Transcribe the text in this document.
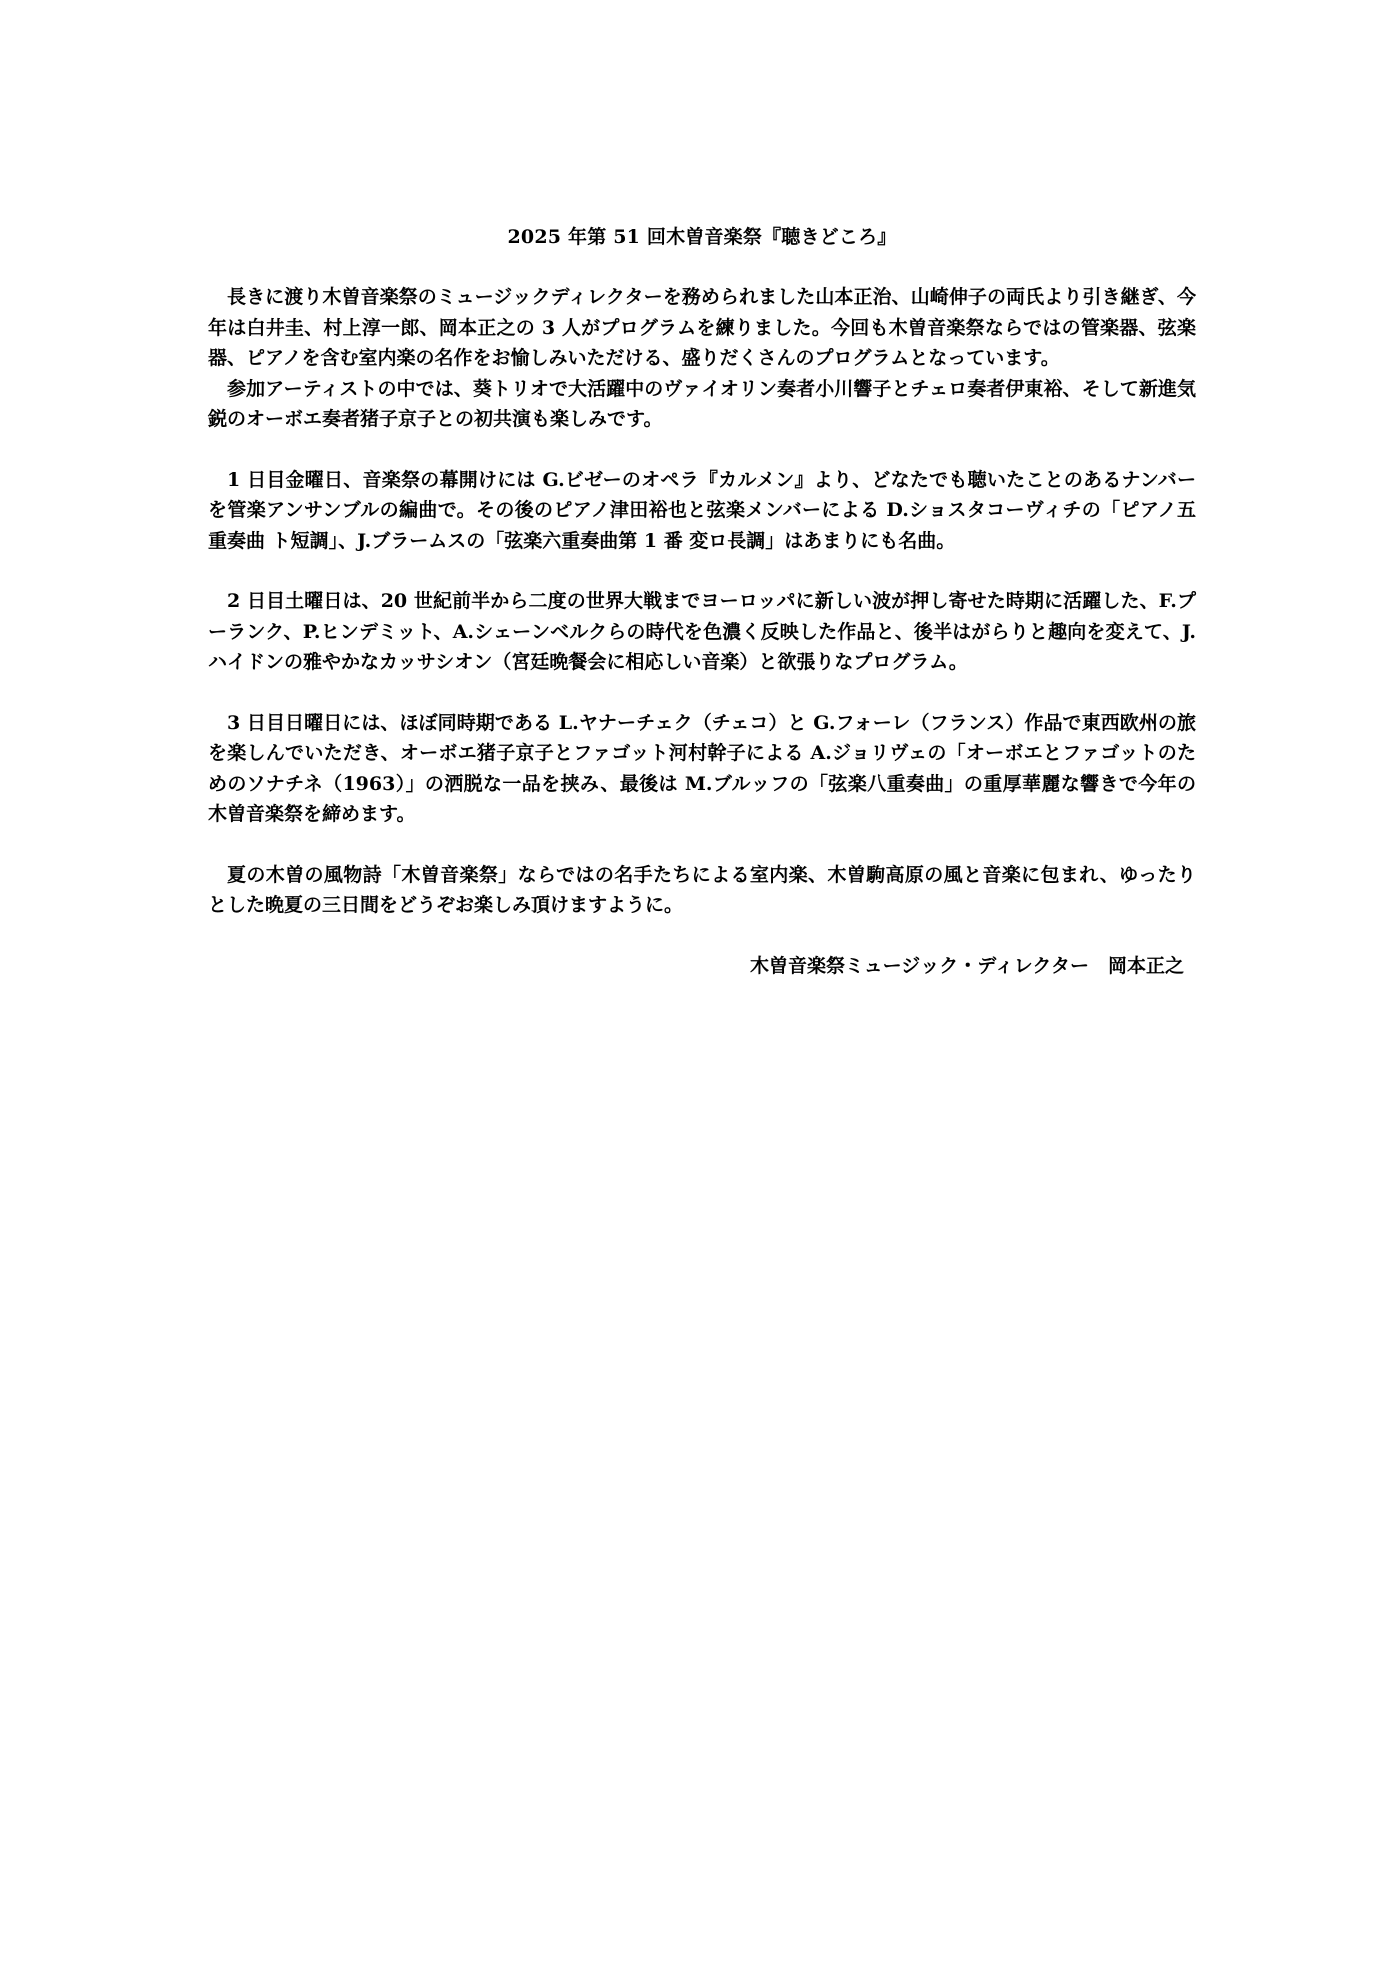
2025 年第 51 回木曽音楽祭『聴きどころ』

長きに渡り木曽音楽祭のミュージックディレクターを務められました山本正治、山崎伸子の両氏より引き継ぎ、今年は白井圭、村上淳一郎、岡本正之の 3 人がプログラムを練りました。今回も木曽音楽祭ならではの管楽器、弦楽器、ピアノを含む室内楽の名作をお愉しみいただける、盛りだくさんのプログラムとなっています。

参加アーティストの中では、葵トリオで大活躍中のヴァイオリン奏者小川響子とチェロ奏者伊東裕、そして新進気鋭のオーボエ奏者猪子京子との初共演も楽しみです。

1 日目金曜日、音楽祭の幕開けには G.ビゼーのオペラ『カルメン』より、どなたでも聴いたことのあるナンバーを管楽アンサンブルの編曲で。その後のピアノ津田裕也と弦楽メンバーによる D.ショスタコーヴィチの「ピアノ五重奏曲 ト短調」、J.ブラームスの「弦楽六重奏曲第 1 番 変ロ長調」はあまりにも名曲。

2 日目土曜日は、20 世紀前半から二度の世界大戦までヨーロッパに新しい波が押し寄せた時期に活躍した、F.プーランク、P.ヒンデミット、A.シェーンベルクらの時代を色濃く反映した作品と、後半はがらりと趣向を変えて、J.ハイドンの雅やかなカッサシオン（宮廷晩餐会に相応しい音楽）と欲張りなプログラム。

3 日目日曜日には、ほぼ同時期である L.ヤナーチェク（チェコ）と G.フォーレ（フランス）作品で東西欧州の旅を楽しんでいただき、オーボエ猪子京子とファゴット河村幹子による A.ジョリヴェの「オーボエとファゴットのためのソナチネ（1963）」の洒脱な一品を挟み、最後は M.ブルッフの「弦楽八重奏曲」の重厚華麗な響きで今年の木曽音楽祭を締めます。

夏の木曽の風物詩「木曽音楽祭」ならではの名手たちによる室内楽、木曽駒高原の風と音楽に包まれ、ゆったりとした晩夏の三日間をどうぞお楽しみ頂けますように。

木曽音楽祭ミュージック・ディレクター　岡本正之
